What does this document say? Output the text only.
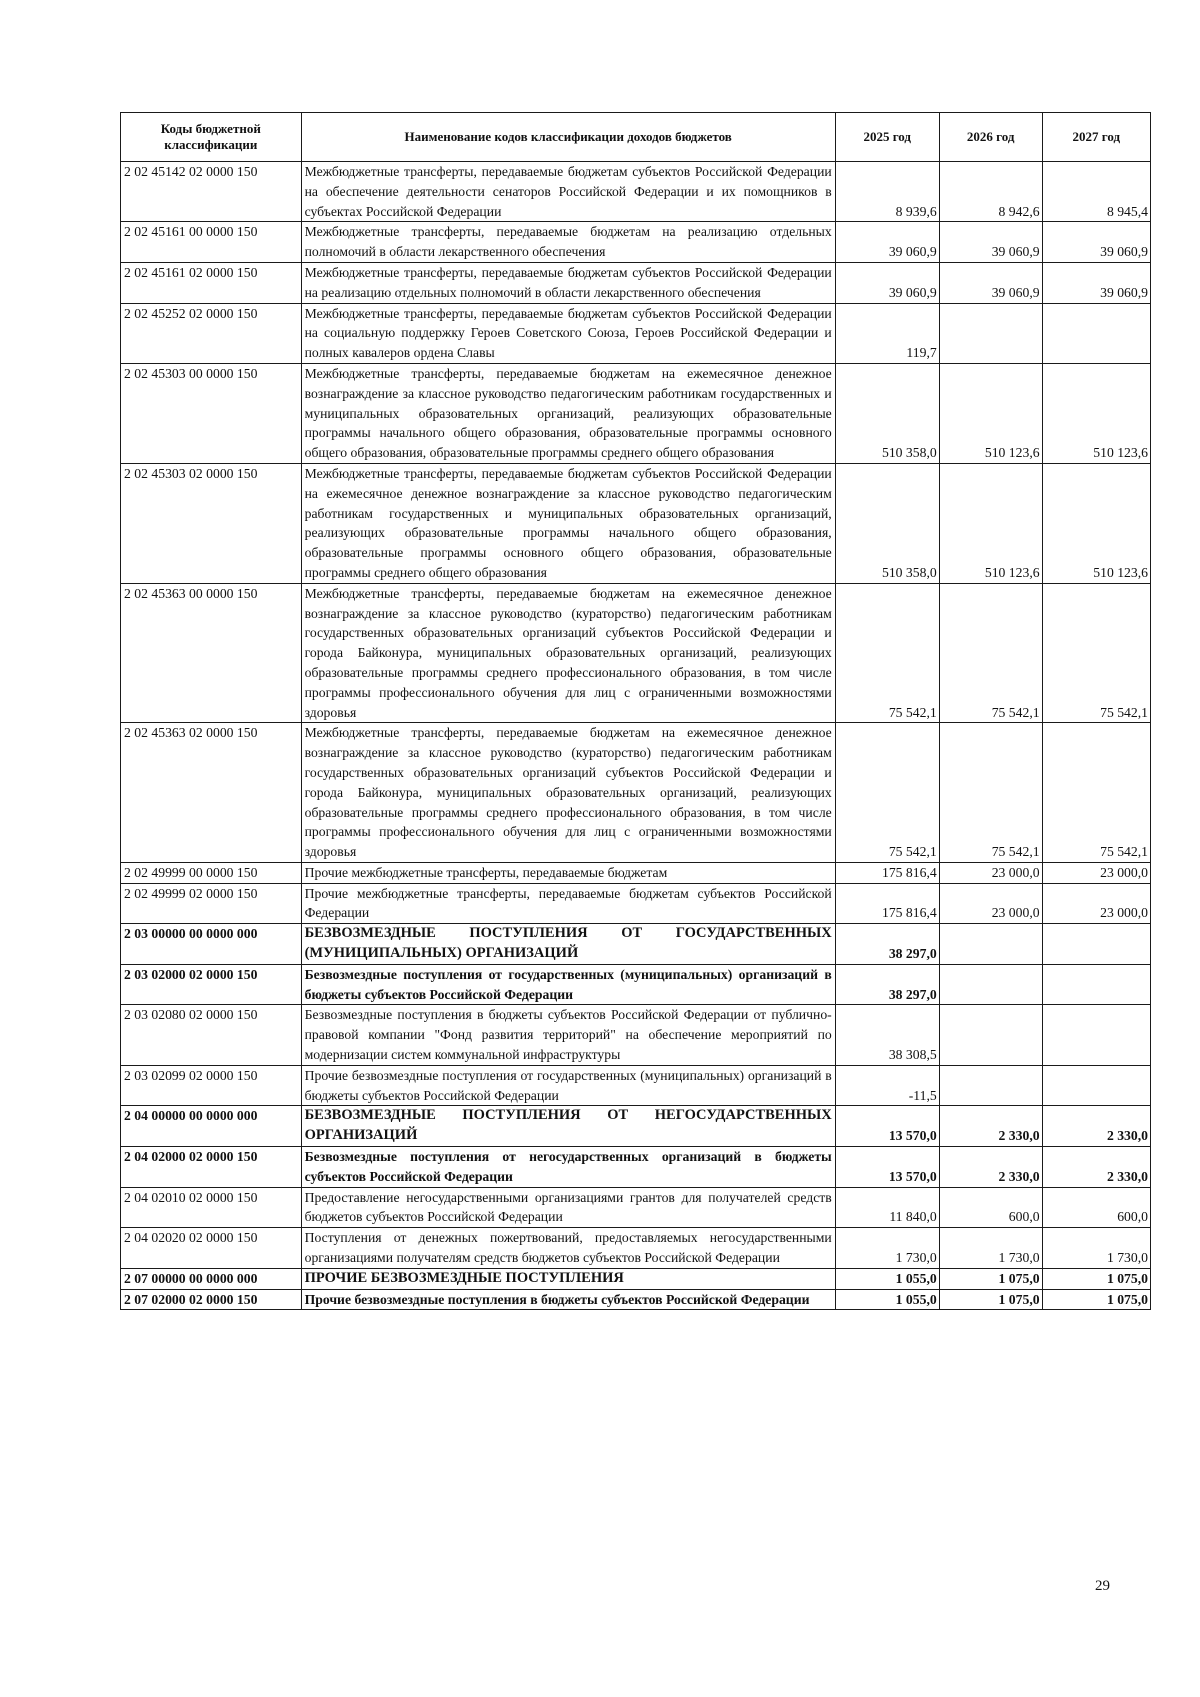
Коды бюджетной классификации	Наименование кодов классификации доходов бюджетов	2025 год	2026 год	2027 год
2 02 45142 02 0000 150	Межбюджетные трансферты, передаваемые бюджетам субъектов Российской Федерации на обеспечение деятельности сенаторов Российской Федерации и их помощников в субъектах Российской Федерации	8 939,6	8 942,6	8 945,4
2 02 45161 00 0000 150	Межбюджетные трансферты, передаваемые бюджетам на реализацию отдельных полномочий в области лекарственного обеспечения	39 060,9	39 060,9	39 060,9
2 02 45161 02 0000 150	Межбюджетные трансферты, передаваемые бюджетам субъектов Российской Федерации на реализацию отдельных полномочий в области лекарственного обеспечения	39 060,9	39 060,9	39 060,9
2 02 45252 02 0000 150	Межбюджетные трансферты, передаваемые бюджетам субъектов Российской Федерации на социальную поддержку Героев Советского Союза, Героев Российской Федерации и полных кавалеров ордена Славы	119,7		
2 02 45303 00 0000 150	Межбюджетные трансферты, передаваемые бюджетам на ежемесячное денежное вознаграждение за классное руководство педагогическим работникам государственных и муниципальных образовательных организаций, реализующих образовательные программы начального общего образования, образовательные программы основного общего образования, образовательные программы среднего общего образования	510 358,0	510 123,6	510 123,6
2 02 45303 02 0000 150	Межбюджетные трансферты, передаваемые бюджетам субъектов Российской Федерации на ежемесячное денежное вознаграждение за классное руководство педагогическим работникам государственных и муниципальных образовательных организаций, реализующих образовательные программы начального общего образования, образовательные программы основного общего образования, образовательные программы среднего общего образования	510 358,0	510 123,6	510 123,6
2 02 45363 00 0000 150	Межбюджетные трансферты, передаваемые бюджетам на ежемесячное денежное вознаграждение за классное руководство (кураторство) педагогическим работникам государственных образовательных организаций субъектов Российской Федерации и города Байконура, муниципальных образовательных организаций, реализующих образовательные программы среднего профессионального образования, в том числе программы профессионального обучения для лиц с ограниченными возможностями здоровья	75 542,1	75 542,1	75 542,1
2 02 45363 02 0000 150	Межбюджетные трансферты, передаваемые бюджетам на ежемесячное денежное вознаграждение за классное руководство (кураторство) педагогическим работникам государственных образовательных организаций субъектов Российской Федерации и города Байконура, муниципальных образовательных организаций, реализующих образовательные программы среднего профессионального образования, в том числе программы профессионального обучения для лиц с ограниченными возможностями здоровья	75 542,1	75 542,1	75 542,1
2 02 49999 00 0000 150	Прочие межбюджетные трансферты, передаваемые бюджетам	175 816,4	23 000,0	23 000,0
2 02 49999 02 0000 150	Прочие межбюджетные трансферты, передаваемые бюджетам субъектов Российской Федерации	175 816,4	23 000,0	23 000,0
2 03 00000 00 0000 000	БЕЗВОЗМЕЗДНЫЕ ПОСТУПЛЕНИЯ ОТ ГОСУДАРСТВЕННЫХ (МУНИЦИПАЛЬНЫХ) ОРГАНИЗАЦИЙ	38 297,0		
2 03 02000 02 0000 150	Безвозмездные поступления от государственных (муниципальных) организаций в бюджеты субъектов Российской Федерации	38 297,0		
2 03 02080 02 0000 150	Безвозмездные поступления в бюджеты субъектов Российской Федерации от публично-правовой компании "Фонд развития территорий" на обеспечение мероприятий по модернизации систем коммунальной инфраструктуры	38 308,5		
2 03 02099 02 0000 150	Прочие безвозмездные поступления от государственных (муниципальных) организаций в бюджеты субъектов Российской Федерации	-11,5		
2 04 00000 00 0000 000	БЕЗВОЗМЕЗДНЫЕ ПОСТУПЛЕНИЯ ОТ НЕГОСУДАРСТВЕННЫХ ОРГАНИЗАЦИЙ	13 570,0	2 330,0	2 330,0
2 04 02000 02 0000 150	Безвозмездные поступления от негосударственных организаций в бюджеты субъектов Российской Федерации	13 570,0	2 330,0	2 330,0
2 04 02010 02 0000 150	Предоставление негосударственными организациями грантов для получателей средств бюджетов субъектов Российской Федерации	11 840,0	600,0	600,0
2 04 02020 02 0000 150	Поступления от денежных пожертвований, предоставляемых негосударственными организациями получателям средств бюджетов субъектов Российской Федерации	1 730,0	1 730,0	1 730,0
2 07 00000 00 0000 000	ПРОЧИЕ БЕЗВОЗМЕЗДНЫЕ ПОСТУПЛЕНИЯ	1 055,0	1 075,0	1 075,0
2 07 02000 02 0000 150	Прочие безвозмездные поступления в бюджеты субъектов Российской Федерации	1 055,0	1 075,0	1 075,0
29
